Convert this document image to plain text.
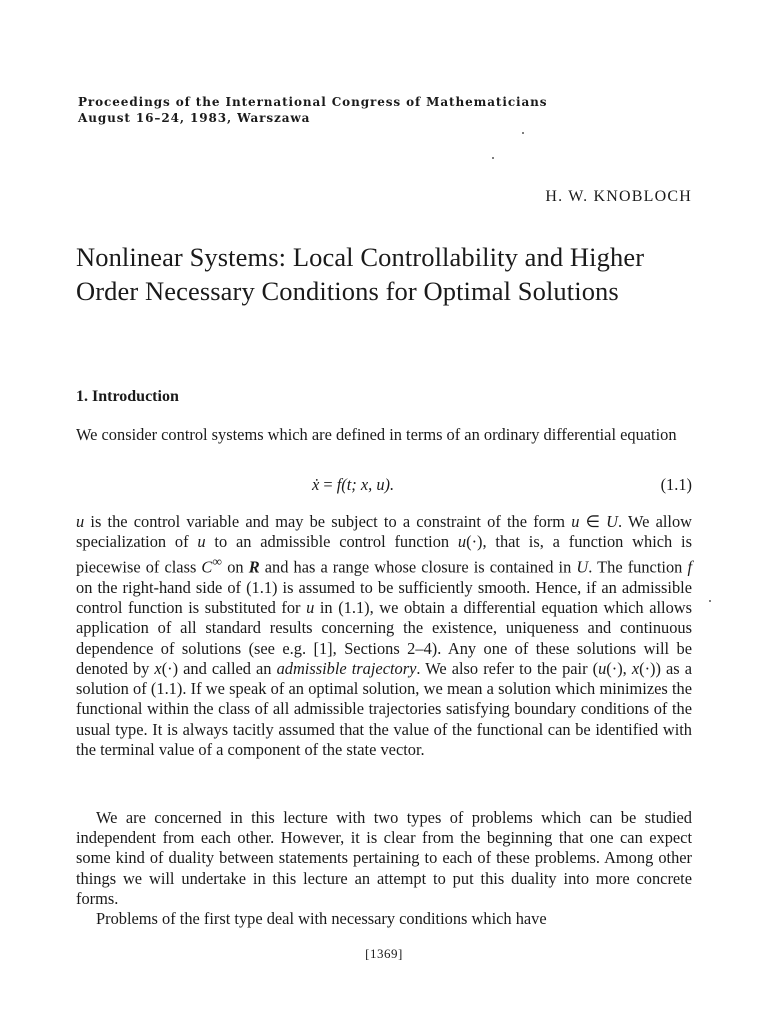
Proceedings of the International Congress of Mathematicians
August 16–24, 1983, Warszawa
H. W. KNOBLOCH
Nonlinear Systems: Local Controllability and Higher
Order Necessary Conditions for Optimal Solutions
1. Introduction
We consider control systems which are defined in terms of an ordinary differential equation
ẋ = f(t; x, u).	(1.1)
u is the control variable and may be subject to a constraint of the form u ∈ U. We allow specialization of u to an admissible control function u(·), that is, a function which is piecewise of class C∞ on R and has a range whose closure is contained in U. The function f on the right-hand side of (1.1) is assumed to be sufficiently smooth. Hence, if an admissible control function is substituted for u in (1.1), we obtain a differential equation which allows application of all standard results concerning the existence, uniqueness and continuous dependence of solutions (see e.g. [1], Sections 2–4). Any one of these solutions will be denoted by x(·) and called an admissible trajectory. We also refer to the pair (u(·), x(·)) as a solution of (1.1). If we speak of an optimal solution, we mean a solution which minimizes the functional within the class of all admissible trajectories satisfying boundary conditions of the usual type. It is always tacitly assumed that the value of the functional can be identified with the terminal value of a component of the state vector.
We are concerned in this lecture with two types of problems which can be studied independent from each other. However, it is clear from the beginning that one can expect some kind of duality between statements pertaining to each of these problems. Among other things we will undertake in this lecture an attempt to put this duality into more concrete forms.
Problems of the first type deal with necessary conditions which have
[1369]
